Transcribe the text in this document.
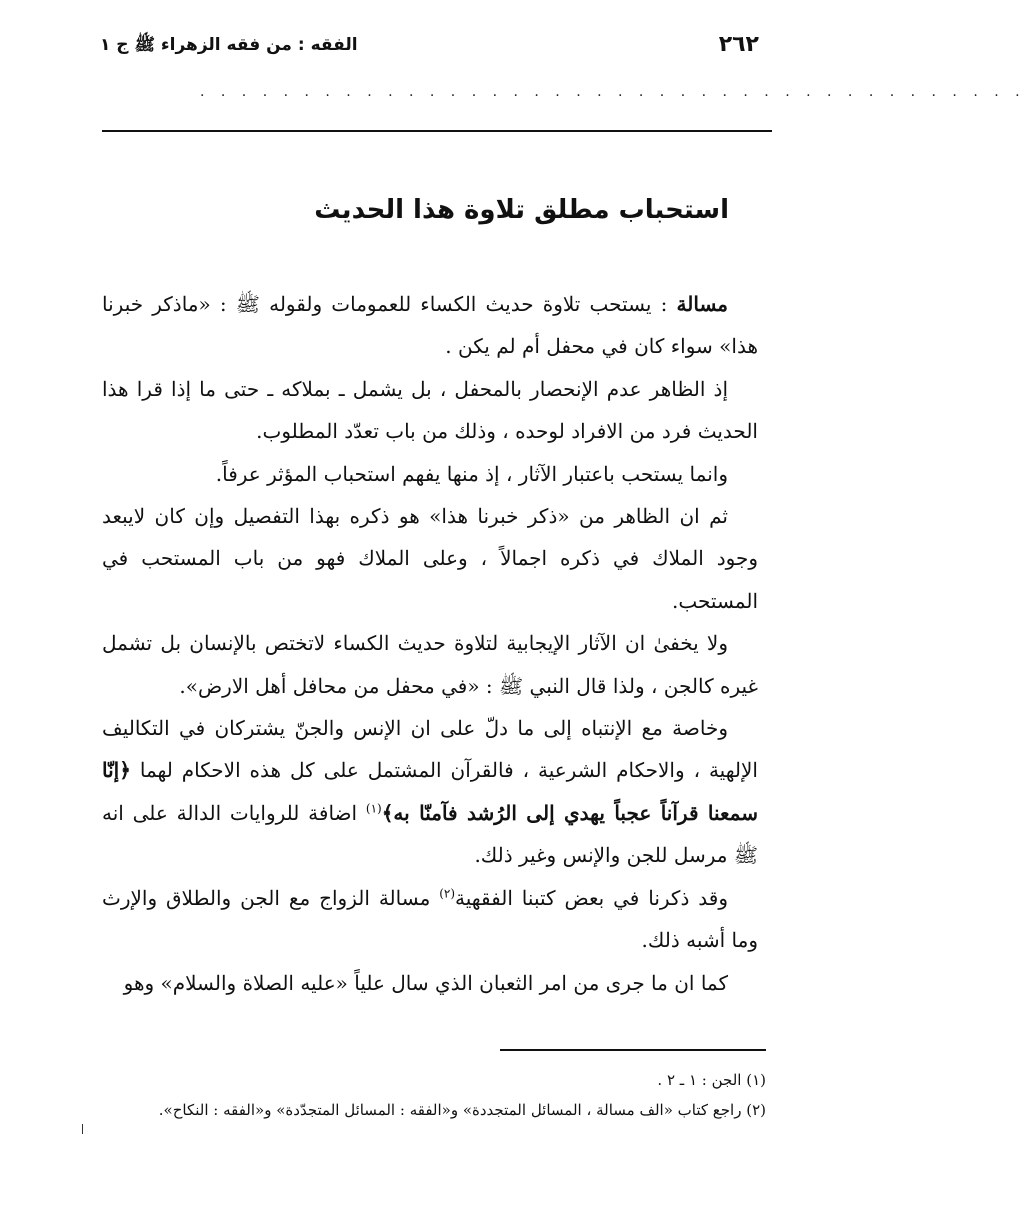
٢٦٢
الفقه : من فقه الزهراء ﷺ ج ١
. . . . . . . . . . . . . . . . . . . . . . . . . . . . . . . . . . . . . . . .
استحباب مطلق تلاوة هذا الحديث

مسالة : يستحب تلاوة حديث الكساء للعمومات ولقوله ﷺ : «ماذكر خبرنا هذا» سواء كان في محفل أم لم يكن .

إذ الظاهر عدم الإنحصار بالمحفل ، بل يشمل ـ بملاكه ـ حتى ما إذا قرا هذا الحديث فرد من الافراد لوحده ، وذلك من باب تعدّد المطلوب.

وانما يستحب باعتبار الآثار ، إذ منها يفهم استحباب المؤثر عرفاً.

ثم ان الظاهر من «ذكر خبرنا هذا» هو ذكره بهذا التفصيل وإن كان لايبعد وجود الملاك في ذكره اجمالاً ، وعلى الملاك فهو من باب المستحب في المستحب.

ولا يخفىٰ ان الآثار الإيجابية لتلاوة حديث الكساء لاتختص بالإنسان بل تشمل غيره كالجن ، ولذا قال النبي ﷺ : «في محفل من محافل أهل الارض».

وخاصة مع الإنتباه إلى ما دلّ على ان الإنس والجنّ يشتركان في التكاليف الإلهية ، والاحكام الشرعية ، فالقرآن المشتمل على كل هذه الاحكام لهما ﴿إنّا سمعنا قرآناً عجباً يهدي إلى الرُشد فآمنّا به﴾$^{(١)}$ اضافة للروايات الدالة على انه ﷺ مرسل للجن والإنس وغير ذلك.

وقد ذكرنا في بعض كتبنا الفقهية$^{(٢)}$ مسالة الزواج مع الجن والطلاق والإرث وما أشبه ذلك.

كما ان ما جرى من امر الثعبان الذي سال علياً «عليه الصلاة والسلام» وهو

(١) الجن : ١ ـ ٢ .

(٢) راجع كتاب «الف مسالة ، المسائل المتجددة» و«الفقه : المسائل المتجدّدة» و«الفقه : النكاح».
